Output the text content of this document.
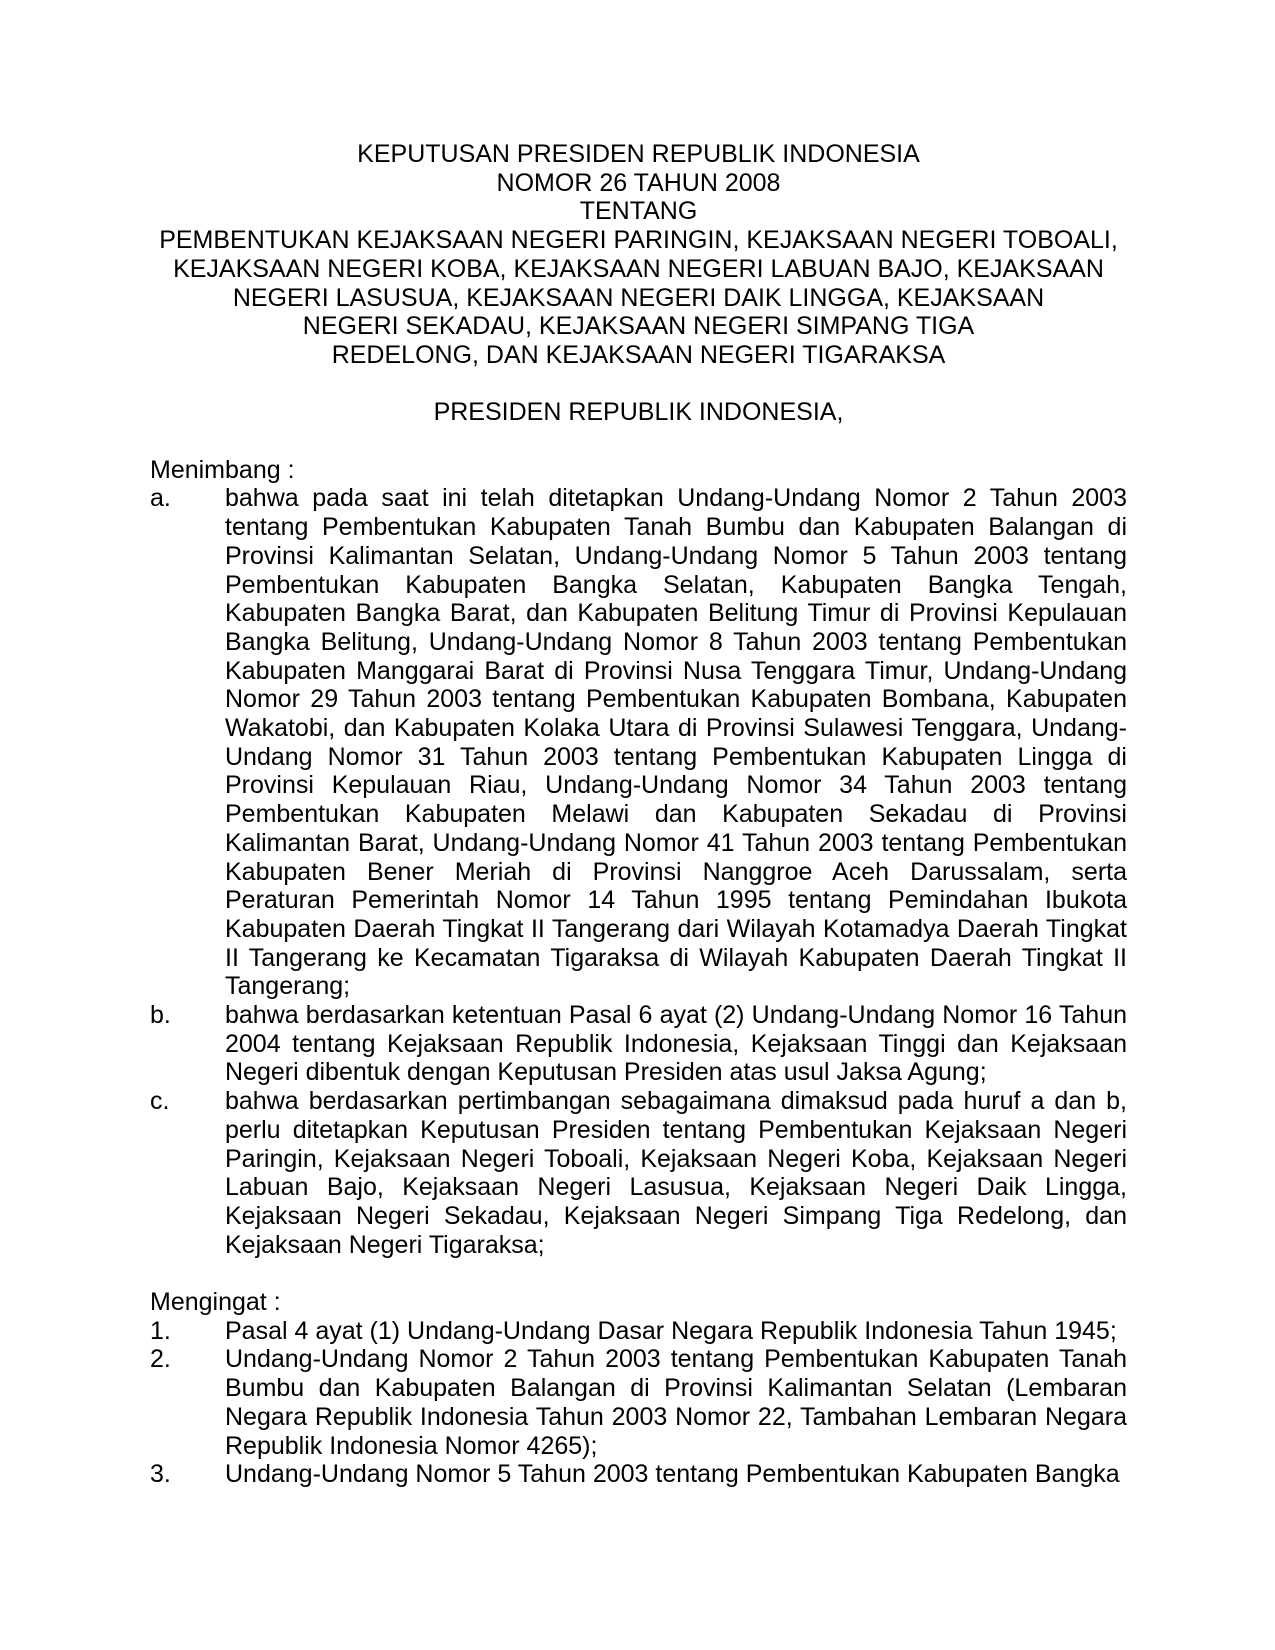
KEPUTUSAN PRESIDEN REPUBLIK INDONESIA
NOMOR 26 TAHUN 2008
TENTANG
PEMBENTUKAN KEJAKSAAN NEGERI PARINGIN, KEJAKSAAN NEGERI TOBOALI,
KEJAKSAAN NEGERI KOBA, KEJAKSAAN NEGERI LABUAN BAJO, KEJAKSAAN
NEGERI LASUSUA, KEJAKSAAN NEGERI DAIK LINGGA, KEJAKSAAN
NEGERI SEKADAU, KEJAKSAAN NEGERI SIMPANG TIGA
REDELONG, DAN KEJAKSAAN NEGERI TIGARAKSA
PRESIDEN REPUBLIK INDONESIA,
Menimbang :
a. bahwa pada saat ini telah ditetapkan Undang-Undang Nomor 2 Tahun 2003 tentang Pembentukan Kabupaten Tanah Bumbu dan Kabupaten Balangan di Provinsi Kalimantan Selatan, Undang-Undang Nomor 5 Tahun 2003 tentang Pembentukan Kabupaten Bangka Selatan, Kabupaten Bangka Tengah, Kabupaten Bangka Barat, dan Kabupaten Belitung Timur di Provinsi Kepulauan Bangka Belitung, Undang-Undang Nomor 8 Tahun 2003 tentang Pembentukan Kabupaten Manggarai Barat di Provinsi Nusa Tenggara Timur, Undang-Undang Nomor 29 Tahun 2003 tentang Pembentukan Kabupaten Bombana, Kabupaten Wakatobi, dan Kabupaten Kolaka Utara di Provinsi Sulawesi Tenggara, Undang-Undang Nomor 31 Tahun 2003 tentang Pembentukan Kabupaten Lingga di Provinsi Kepulauan Riau, Undang-Undang Nomor 34 Tahun 2003 tentang Pembentukan Kabupaten Melawi dan Kabupaten Sekadau di Provinsi Kalimantan Barat, Undang-Undang Nomor 41 Tahun 2003 tentang Pembentukan Kabupaten Bener Meriah di Provinsi Nanggroe Aceh Darussalam, serta Peraturan Pemerintah Nomor 14 Tahun 1995 tentang Pemindahan Ibukota Kabupaten Daerah Tingkat II Tangerang dari Wilayah Kotamadya Daerah Tingkat II Tangerang ke Kecamatan Tigaraksa di Wilayah Kabupaten Daerah Tingkat II Tangerang;
b. bahwa berdasarkan ketentuan Pasal 6 ayat (2) Undang-Undang Nomor 16 Tahun 2004 tentang Kejaksaan Republik Indonesia, Kejaksaan Tinggi dan Kejaksaan Negeri dibentuk dengan Keputusan Presiden atas usul Jaksa Agung;
c. bahwa berdasarkan pertimbangan sebagaimana dimaksud pada huruf a dan b, perlu ditetapkan Keputusan Presiden tentang Pembentukan Kejaksaan Negeri Paringin, Kejaksaan Negeri Toboali, Kejaksaan Negeri Koba, Kejaksaan Negeri Labuan Bajo, Kejaksaan Negeri Lasusua, Kejaksaan Negeri Daik Lingga, Kejaksaan Negeri Sekadau, Kejaksaan Negeri Simpang Tiga Redelong, dan Kejaksaan Negeri Tigaraksa;
Mengingat :
1. Pasal 4 ayat (1) Undang-Undang Dasar Negara Republik Indonesia Tahun 1945;
2. Undang-Undang Nomor 2 Tahun 2003 tentang Pembentukan Kabupaten Tanah Bumbu dan Kabupaten Balangan di Provinsi Kalimantan Selatan (Lembaran Negara Republik Indonesia Tahun 2003 Nomor 22, Tambahan Lembaran Negara Republik Indonesia Nomor 4265);
3. Undang-Undang Nomor 5 Tahun 2003 tentang Pembentukan Kabupaten Bangka
